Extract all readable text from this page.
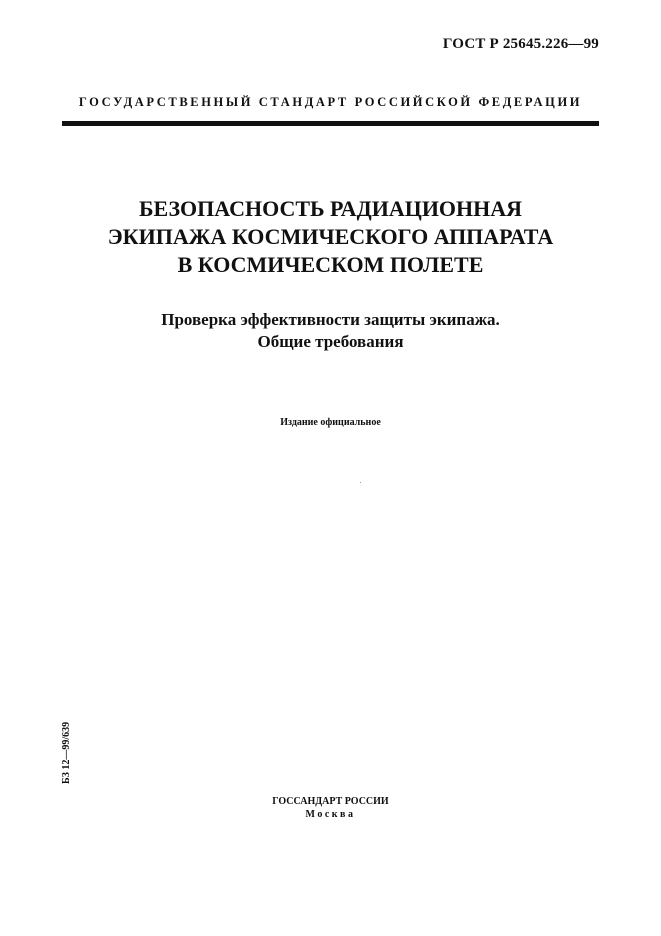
ГОСТ Р 25645.226—99
ГОСУДАРСТВЕННЫЙ СТАНДАРТ РОССИЙСКОЙ ФЕДЕРАЦИИ
БЕЗОПАСНОСТЬ РАДИАЦИОННАЯ
ЭКИПАЖА КОСМИЧЕСКОГО АППАРАТА
В КОСМИЧЕСКОМ ПОЛЕТЕ
Проверка эффективности защиты экипажа.
Общие требования
Издание официальное
БЗ 12—99/639
ГОССАНДАРТ РОССИИ
Москва
